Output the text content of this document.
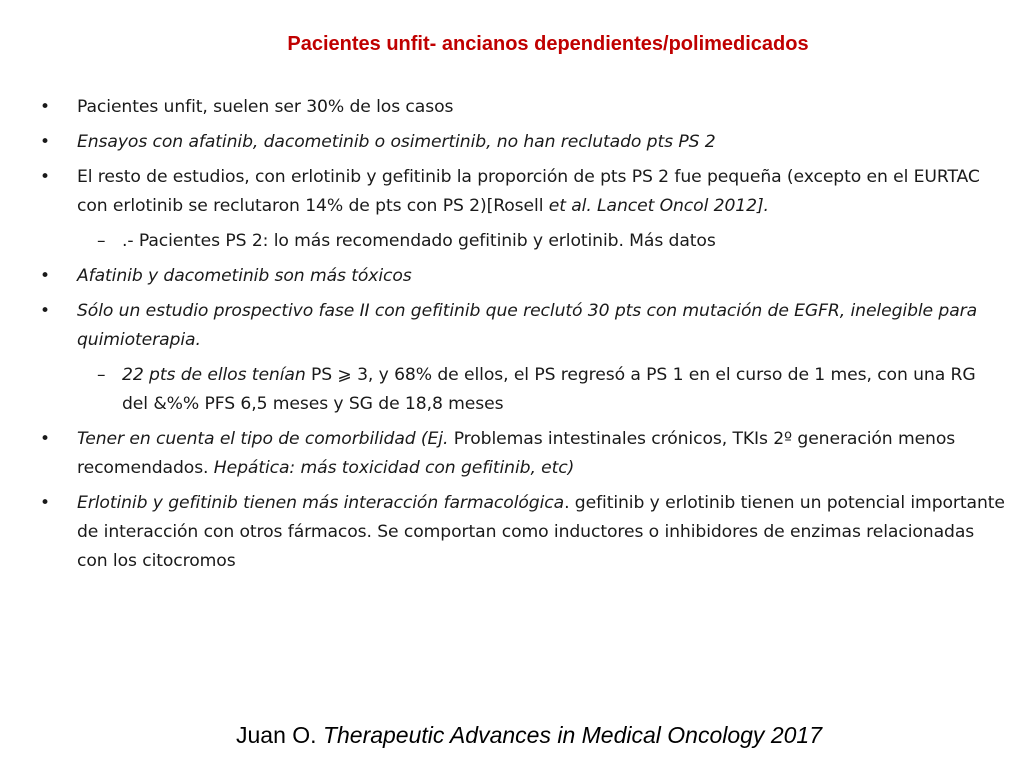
Pacientes unfit- ancianos dependientes/polimedicados
• Pacientes unfit, suelen ser 30% de los casos
• Ensayos con afatinib, dacometinib o osimertinib, no han reclutado pts PS 2
• El resto de estudios, con erlotinib y gefitinib la proporción de pts PS 2 fue pequeña (excepto en el EURTAC con erlotinib se reclutaron 14% de pts con PS 2)[Rosell et al. Lancet Oncol 2012].
– .- Pacientes PS 2: lo más recomendado gefitinib y erlotinib. Más datos
• Afatinib y dacometinib son más tóxicos
• Sólo un estudio prospectivo fase II con gefitinib que reclutó 30 pts con mutación de EGFR, inelegible para quimioterapia.
– 22 pts de ellos tenían PS ⩾ 3, y 68% de ellos, el PS regresó a PS 1 en el curso de 1 mes, con una RG del &%% PFS 6,5 meses y SG de 18,8 meses
• Tener en cuenta el tipo de comorbilidad (Ej. Problemas intestinales crónicos, TKIs 2º generación menos recomendados. Hepática: más toxicidad con gefitinib, etc)
• Erlotinib y gefitinib tienen más interacción farmacológica. gefitinib y erlotinib tienen un potencial importante de interacción con otros fármacos. Se comportan como inductores o inhibidores de enzimas relacionadas con los citocromos
Juan O. Therapeutic Advances in Medical Oncology 2017
